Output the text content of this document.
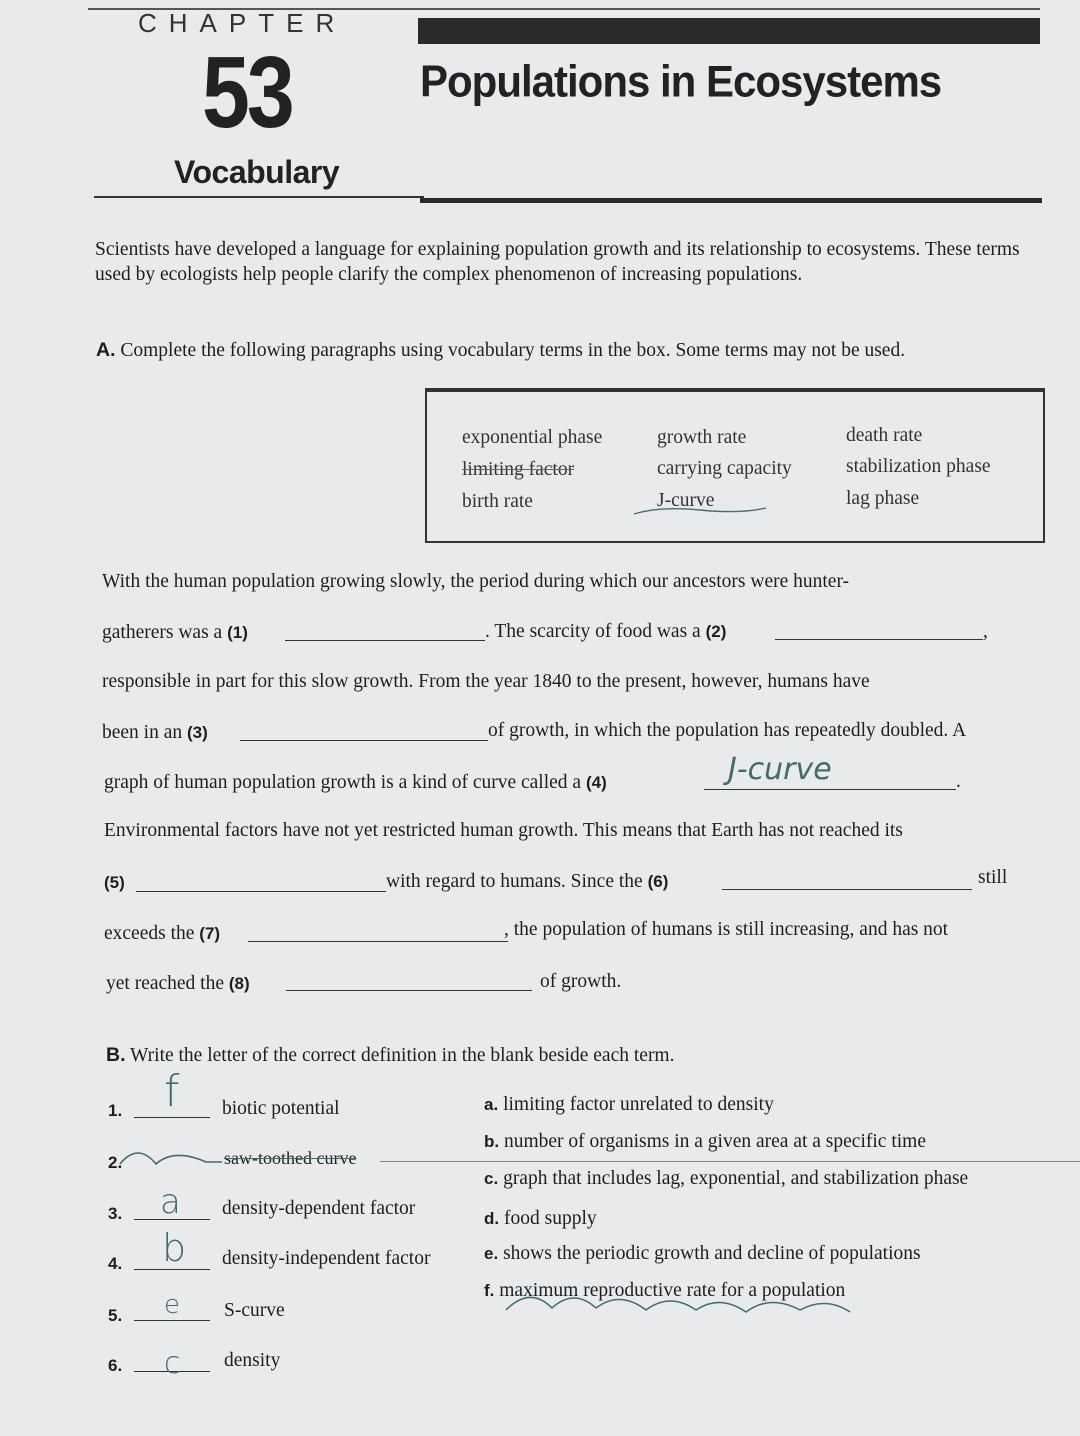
CHAPTER
53	Populations in Ecosystems
Vocabulary
Scientists have developed a language for explaining population growth and its relationship to ecosystems. These terms used by ecologists help people clarify the complex phenomenon of increasing populations.
A. Complete the following paragraphs using vocabulary terms in the box. Some terms may not be used.
exponential phase	growth rate	death rate
limiting factor	carrying capacity	stabilization phase
birth rate	J-curve	lag phase
With the human population growing slowly, the period during which our ancestors were hunter-
gatherers was a (1)	. The scarcity of food was a (2)	,
responsible in part for this slow growth. From the year 1840 to the present, however, humans have
been in an (3)	of growth, in which the population has repeatedly doubled. A
graph of human population growth is a kind of curve called a (4)	J-curve	.
Environmental factors have not yet restricted human growth. This means that Earth has not reached its
(5)	with regard to humans. Since the (6)	still
exceeds the (7)	, the population of humans is still increasing, and has not
yet reached the (8)	of growth.
B. Write the letter of the correct definition in the blank beside each term.
1. f biotic potential
2.	saw-toothed curve
3. a density-dependent factor
4. b density-independent factor
5. e S-curve
6. c density
a. limiting factor unrelated to density
b. number of organisms in a given area at a specific time
c. graph that includes lag, exponential, and stabilization phase
d. food supply
e. shows the periodic growth and decline of populations
f. maximum reproductive rate for a population
